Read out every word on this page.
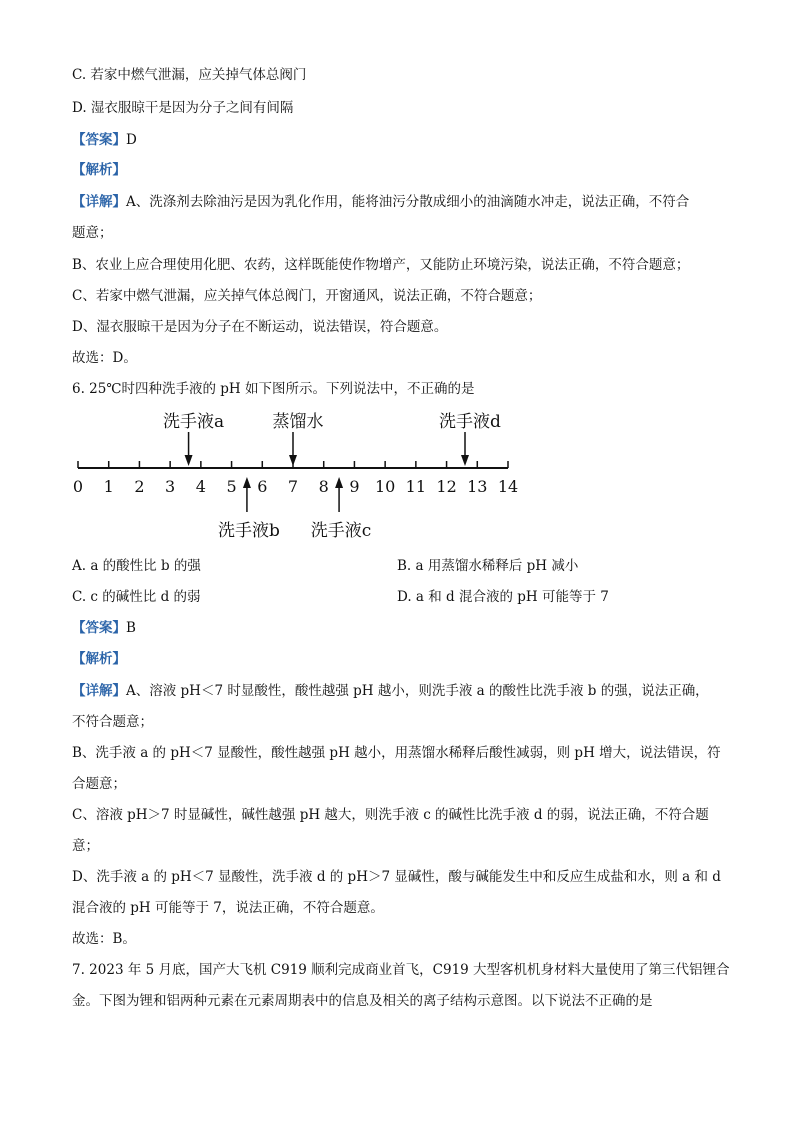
C. 若家中燃气泄漏，应关掉气体总阀门
D. 湿衣服晾干是因为分子之间有间隔
【答案】D
【解析】
【详解】A、洗涤剂去除油污是因为乳化作用，能将油污分散成细小的油滴随水冲走，说法正确，不符合
题意；
B、农业上应合理使用化肥、农药，这样既能使作物增产，又能防止环境污染，说法正确，不符合题意；
C、若家中燃气泄漏，应关掉气体总阀门，开窗通风，说法正确，不符合题意；
D、湿衣服晾干是因为分子在不断运动，说法错误，符合题意。
故选：D。
6. 25℃时四种洗手液的 pH 如下图所示。下列说法中，不正确的是
0 1 2 3 4 5 6 7 8 9 10 11 12 13 14
洗手液a	蒸馏水	洗手液d
洗手液b 洗手液c
A. a 的酸性比 b 的强	B. a 用蒸馏水稀释后 pH 减小
C. c 的碱性比 d 的弱	D. a 和 d 混合液的 pH 可能等于 7
【答案】B
【解析】
【详解】A、溶液 pH＜7 时显酸性，酸性越强 pH 越小，则洗手液 a 的酸性比洗手液 b 的强，说法正确，
不符合题意；
B、洗手液 a 的 pH＜7 显酸性，酸性越强 pH 越小，用蒸馏水稀释后酸性减弱，则 pH 增大，说法错误，符
合题意；
C、溶液 pH＞7 时显碱性，碱性越强 pH 越大，则洗手液 c 的碱性比洗手液 d 的弱，说法正确，不符合题
意；
D、洗手液 a 的 pH＜7 显酸性，洗手液 d 的 pH＞7 显碱性，酸与碱能发生中和反应生成盐和水，则 a 和 d
混合液的 pH 可能等于 7，说法正确，不符合题意。
故选：B。
7. 2023 年 5 月底，国产大飞机 C919 顺利完成商业首飞，C919 大型客机机身材料大量使用了第三代铝锂合
金。下图为锂和铝两种元素在元素周期表中的信息及相关的离子结构示意图。以下说法不正确的是
